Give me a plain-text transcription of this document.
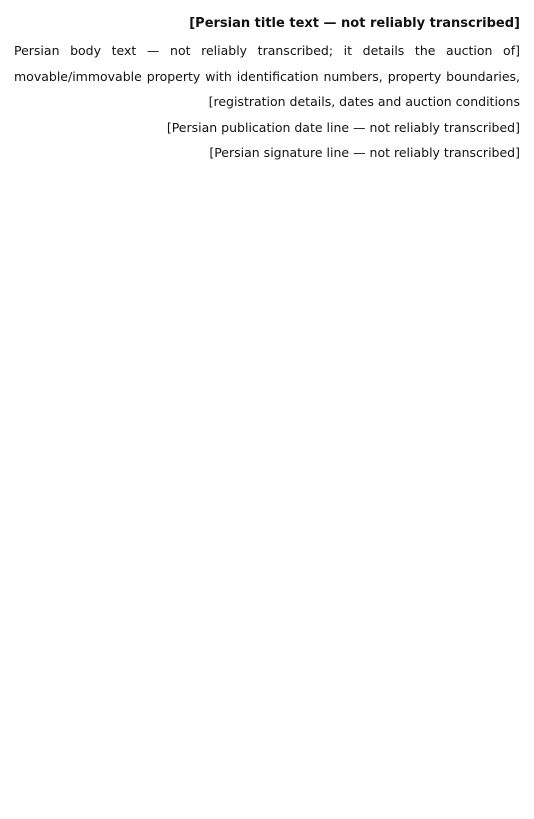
[Persian title text — not reliably transcribed]

[Persian body text — not reliably transcribed; it details the auction of movable/immovable property with identification numbers, property boundaries, registration details, dates and auction conditions]

[Persian publication date line — not reliably transcribed]

[Persian signature line — not reliably transcribed]
